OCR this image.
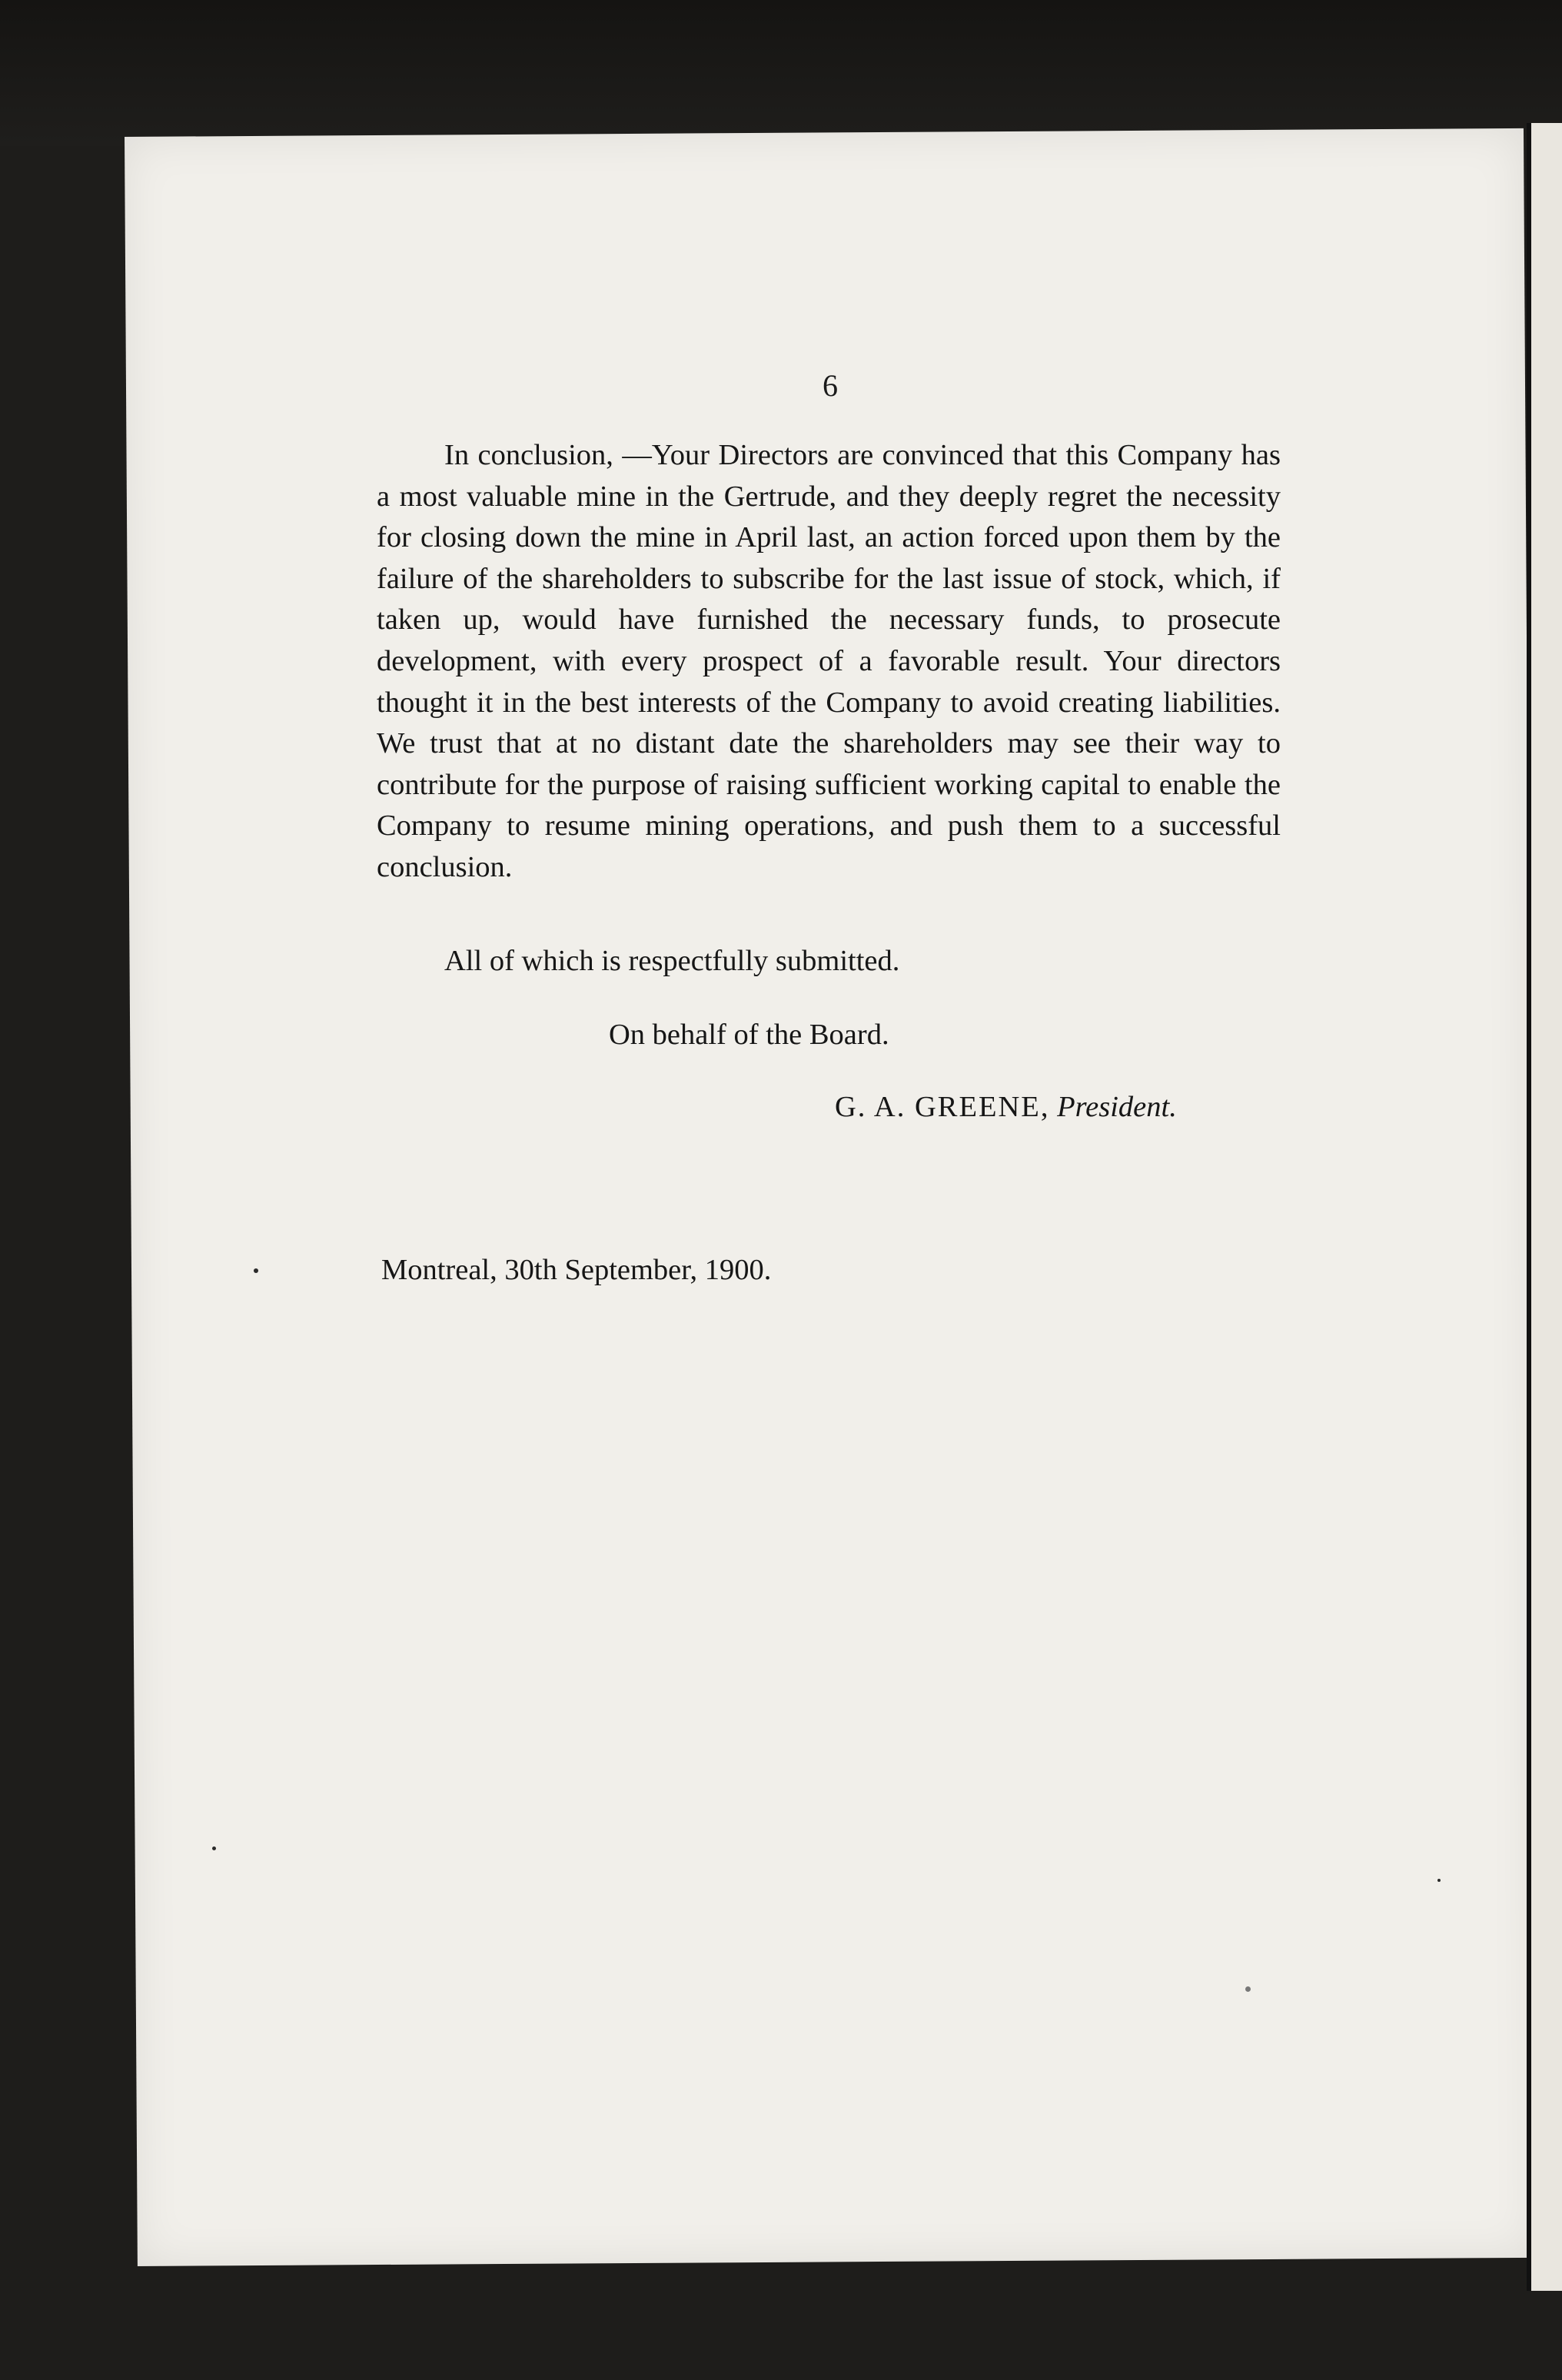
6

In conclusion, —Your Directors are convinced that this Company has a most valuable mine in the Gertrude, and they deeply regret the necessity for closing down the mine in April last, an action forced upon them by the failure of the shareholders to subscribe for the last issue of stock, which, if taken up, would have furnished the necessary funds, to prosecute development, with every prospect of a favorable result. Your directors thought it in the best interests of the Company to avoid creating liabilities. We trust that at no distant date the shareholders may see their way to contribute for the purpose of raising sufficient working capital to enable the Company to resume mining operations, and push them to a successful conclusion.

All of which is respectfully submitted.
On behalf of the Board.
G. A. GREENE, President.
Montreal, 30th September, 1900.
